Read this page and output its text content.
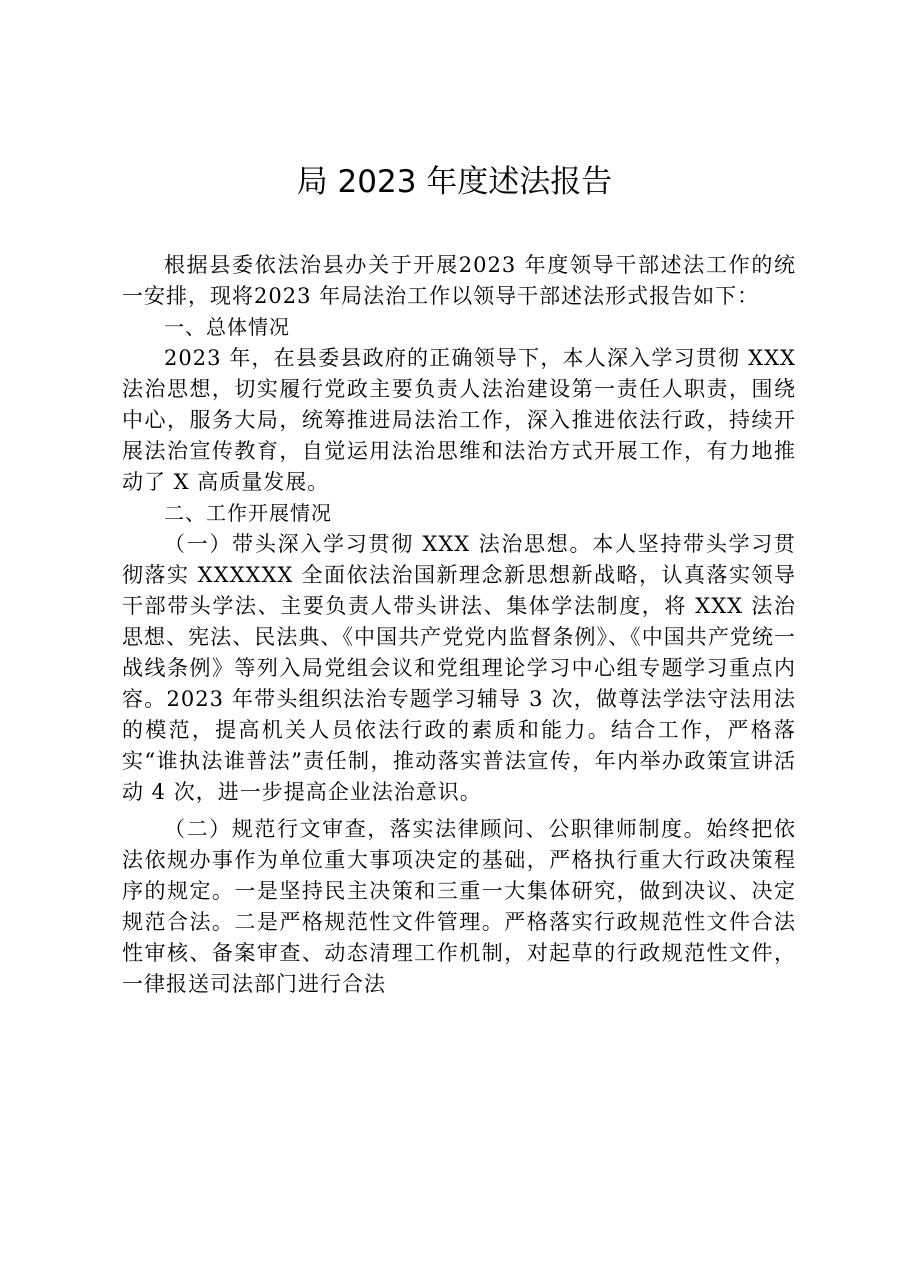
局 2023 年度述法报告

根据县委依法治县办关于开展2023 年度领导干部述法工作的统一安排，现将2023 年局法治工作以领导干部述法形式报告如下：

一、总体情况

2023 年，在县委县政府的正确领导下，本人深入学习贯彻 XXX 法治思想，切实履行党政主要负责人法治建设第一责任人职责，围绕中心，服务大局，统筹推进局法治工作，深入推进依法行政，持续开展法治宣传教育，自觉运用法治思维和法治方式开展工作，有力地推动了 X 高质量发展。

二、工作开展情况

（一）带头深入学习贯彻 XXX 法治思想。本人坚持带头学习贯彻落实 XXXXXX 全面依法治国新理念新思想新战略，认真落实领导干部带头学法、主要负责人带头讲法、集体学法制度，将 XXX 法治思想、宪法、民法典、《中国共产党党内监督条例》、《中国共产党统一战线条例》等列入局党组会议和党组理论学习中心组专题学习重点内容。2023 年带头组织法治专题学习辅导 3 次，做尊法学法守法用法的模范，提高机关人员依法行政的素质和能力。结合工作，严格落实“谁执法谁普法”责任制，推动落实普法宣传，年内举办政策宣讲活动 4 次，进一步提高企业法治意识。

（二）规范行文审查，落实法律顾问、公职律师制度。始终把依法依规办事作为单位重大事项决定的基础，严格执行重大行政决策程序的规定。一是坚持民主决策和三重一大集体研究，做到决议、决定规范合法。二是严格规范性文件管理。严格落实行政规范性文件合法性审核、备案审查、动态清理工作机制，对起草的行政规范性文件，一律报送司法部门进行合法
